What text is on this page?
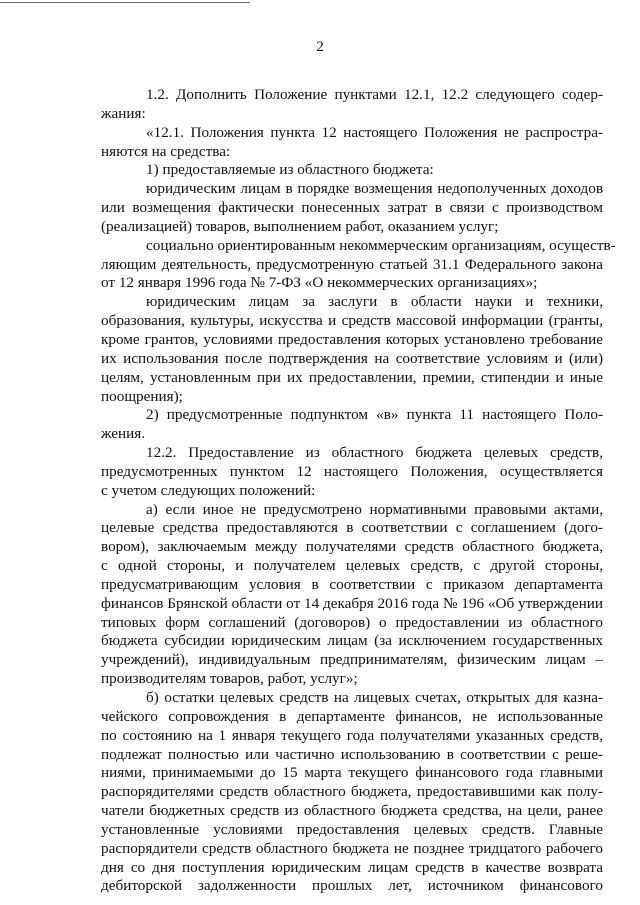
2
1.2. Дополнить Положение пунктами 12.1, 12.2 следующего содер-
жания:
«12.1. Положения пункта 12 настоящего Положения не распростра-
няются на средства:
1) предоставляемые из областного бюджета:
юридическим лицам в порядке возмещения недополученных доходов
или возмещения фактически понесенных затрат в связи с производством
(реализацией) товаров, выполнением работ, оказанием услуг;
социально ориентированным некоммерческим организациям, осуществ-
ляющим деятельность, предусмотренную статьей 31.1 Федерального закона
от 12 января 1996 года № 7-ФЗ «О некоммерческих организациях»;
юридическим лицам за заслуги в области науки и техники,
образования, культуры, искусства и средств массовой информации (гранты,
кроме грантов, условиями предоставления которых установлено требование
их использования после подтверждения на соответствие условиям и (или)
целям, установленным при их предоставлении, премии, стипендии и иные
поощрения);
2) предусмотренные подпунктом «в» пункта 11 настоящего Поло-
жения.
12.2. Предоставление из областного бюджета целевых средств,
предусмотренных пунктом 12 настоящего Положения, осуществляется
с учетом следующих положений:
а) если иное не предусмотрено нормативными правовыми актами,
целевые средства предоставляются в соответствии с соглашением (дого-
вором), заключаемым между получателями средств областного бюджета,
с одной стороны, и получателем целевых средств, с другой стороны,
предусматривающим условия в соответствии с приказом департамента
финансов Брянской области от 14 декабря 2016 года № 196 «Об утверждении
типовых форм соглашений (договоров) о предоставлении из областного
бюджета субсидии юридическим лицам (за исключением государственных
учреждений), индивидуальным предпринимателям, физическим лицам –
производителям товаров, работ, услуг»;
б) остатки целевых средств на лицевых счетах, открытых для казна-
чейского сопровождения в департаменте финансов, не использованные
по состоянию на 1 января текущего года получателями указанных средств,
подлежат полностью или частично использованию в соответствии с реше-
ниями, принимаемыми до 15 марта текущего финансового года главными
распорядителями средств областного бюджета, предоставившими как полу-
чатели бюджетных средств из областного бюджета средства, на цели, ранее
установленные условиями предоставления целевых средств. Главные
распорядители средств областного бюджета не позднее тридцатого рабочего
дня со дня поступления юридическим лицам средств в качестве возврата
дебиторской задолженности прошлых лет, источником финансового
